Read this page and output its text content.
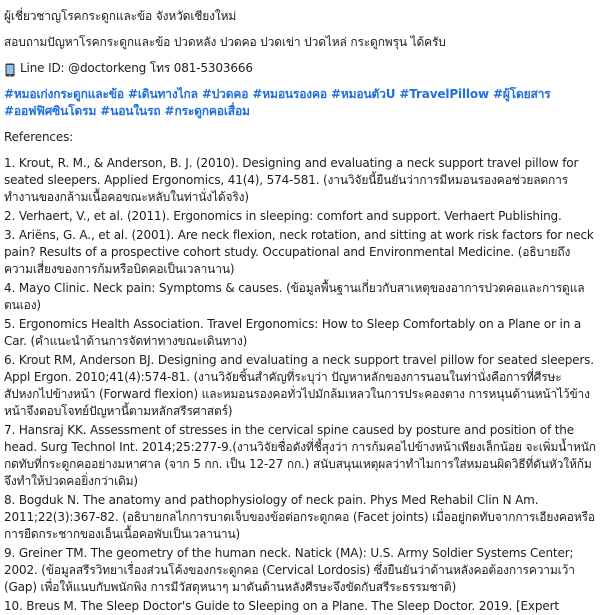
ผู้เชี่ยวชาญโรคกระดูกและข้อ จังหวัดเชียงใหม่

สอบถามปัญหาโรคกระดูกและข้อ ปวดหลัง ปวดคอ ปวดเข่า ปวดไหล่ กระดูกพรุน ได้ครับ

Line ID: @doctorkeng โทร 081-5303666

#หมอเก่งกระดูกและข้อ #เดินทางไกล #ปวดคอ #หมอนรองคอ #หมอนตัวU #TravelPillow #ผู้โดยสาร #ออฟฟิศซินโดรม #นอนในรถ #กระดูกคอเสื่อม

References:

1. Krout, R. M., & Anderson, B. J. (2010). Designing and evaluating a neck support travel pillow for seated sleepers. Applied Ergonomics, 41(4), 574-581. (งานวิจัยนี้ยืนยันว่าการมีหมอนรองคอช่วยลดการทำงานของกล้ามเนื้อคอขณะหลับในท่านั่งได้จริง)

2. Verhaert, V., et al. (2011). Ergonomics in sleeping: comfort and support. Verhaert Publishing.

3. Ariëns, G. A., et al. (2001). Are neck flexion, neck rotation, and sitting at work risk factors for neck pain? Results of a prospective cohort study. Occupational and Environmental Medicine. (อธิบายถึงความเสี่ยงของการก้มหรือบิดคอเป็นเวลานาน)

4. Mayo Clinic. Neck pain: Symptoms & causes. (ข้อมูลพื้นฐานเกี่ยวกับสาเหตุของอาการปวดคอและการดูแลตนเอง)

5. Ergonomics Health Association. Travel Ergonomics: How to Sleep Comfortably on a Plane or in a Car. (คำแนะนำด้านการจัดท่าทางขณะเดินทาง)

6. Krout RM, Anderson BJ. Designing and evaluating a neck support travel pillow for seated sleepers. Appl Ergon. 2010;41(4):574-81. (งานวิจัยชิ้นสำคัญที่ระบุว่า ปัญหาหลักของการนอนในท่านั่งคือการที่ศีรษะสัปหงกไปข้างหน้า (Forward flexion) และหมอนรองคอทั่วไปมักล้มเหลวในการประคองตาง การหนุนด้านหน้าไว้ข้างหน้าจึงตอบโจทย์ปัญหานี้ตามหลักสรีรศาสตร์)

7. Hansraj KK. Assessment of stresses in the cervical spine caused by posture and position of the head. Surg Technol Int. 2014;25:277-9.(งานวิจัยชื่อดังที่ชี้สุงว่า การก้มคอไปข้างหน้าเพียงเล็กน้อย จะเพิ่มน้ำหนักกดทับที่กระดูกคออย่างมหาศาล (จาก 5 กก. เป็น 12-27 กก.) สนับสนุนเหตุผลว่าทำไมการใส่หมอนผิดวิธีที่ดันหัวให้ก้ม จึงทำให้ปวดคอยิ่งกว่าเดิม)

8. Bogduk N. The anatomy and pathophysiology of neck pain. Phys Med Rehabil Clin N Am. 2011;22(3):367-82. (อธิบายกลไกการบาดเจ็บของข้อต่อกระดูกคอ (Facet joints) เมื่ออยู่กดทับจากการเอียงคอหรือการยืดกระชากของเอ็นเนื้อคอพับเป็นเวลานาน)

9. Greiner TM. The geometry of the human neck. Natick (MA): U.S. Army Soldier Systems Center; 2002. (ข้อมูลสรีรวิทยาเรื่องส่วนโค้งของกระดูกคอ (Cervical Lordosis) ซึ่งยืนยันว่าด้านหลังคอต้องการความเว้า (Gap) เพื่อให้แนบกับพนักพิง การมีวัสดุหนาๆ มาดันด้านหลังศีรษะจึงขัดกับสรีระธรรมชาติ)

10. Breus M. The Sleep Doctor's Guide to Sleeping on a Plane. The Sleep Doctor. 2019. [Expert
